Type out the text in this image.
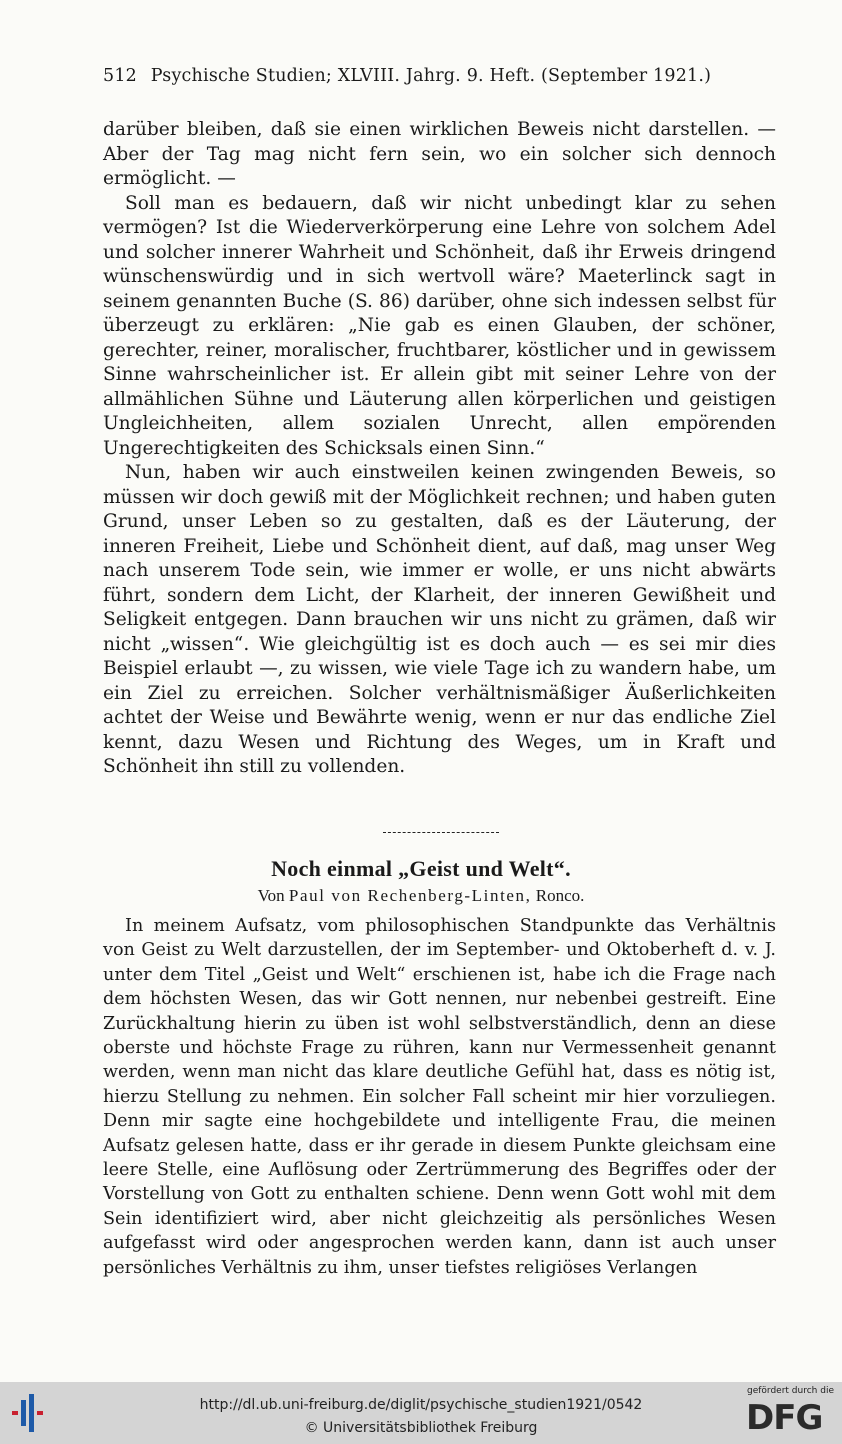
512 Psychische Studien; XLVIII. Jahrg. 9. Heft. (September 1921.)

darüber bleiben, daß sie einen wirklichen Beweis nicht darstellen. — Aber der Tag mag nicht fern sein, wo ein solcher sich dennoch ermöglicht. —

Soll man es bedauern, daß wir nicht unbedingt klar zu sehen vermögen? Ist die Wiederverkörperung eine Lehre von solchem Adel und solcher innerer Wahrheit und Schönheit, daß ihr Erweis dringend wünschenswürdig und in sich wertvoll wäre? Maeterlinck sagt in seinem genannten Buche (S. 86) darüber, ohne sich indessen selbst für überzeugt zu erklären: „Nie gab es einen Glauben, der schöner, gerechter, reiner, moralischer, fruchtbarer, köstlicher und in gewissem Sinne wahrscheinlicher ist. Er allein gibt mit seiner Lehre von der allmählichen Sühne und Läuterung allen körperlichen und geistigen Ungleichheiten, allem sozialen Unrecht, allen empörenden Ungerechtigkeiten des Schicksals einen Sinn.“

Nun, haben wir auch einstweilen keinen zwingenden Beweis, so müssen wir doch gewiß mit der Möglichkeit rechnen; und haben guten Grund, unser Leben so zu gestalten, daß es der Läuterung, der inneren Freiheit, Liebe und Schönheit dient, auf daß, mag unser Weg nach unserem Tode sein, wie immer er wolle, er uns nicht abwärts führt, sondern dem Licht, der Klarheit, der inneren Gewißheit und Seligkeit entgegen. Dann brauchen wir uns nicht zu grämen, daß wir nicht „wissen“. Wie gleichgültig ist es doch auch — es sei mir dies Beispiel erlaubt —, zu wissen, wie viele Tage ich zu wandern habe, um ein Ziel zu erreichen. Solcher verhältnismäßiger Äußerlichkeiten achtet der Weise und Bewährte wenig, wenn er nur das endliche Ziel kennt, dazu Wesen und Richtung des Weges, um in Kraft und Schönheit ihn still zu vollenden.

Noch einmal „Geist und Welt“.
Von Paul von Rechenberg-Linten, Ronco.

In meinem Aufsatz, vom philosophischen Standpunkte das Verhältnis von Geist zu Welt darzustellen, der im September- und Oktoberheft d. v. J. unter dem Titel „Geist und Welt“ erschienen ist, habe ich die Frage nach dem höchsten Wesen, das wir Gott nennen, nur nebenbei gestreift. Eine Zurückhaltung hierin zu üben ist wohl selbstverständlich, denn an diese oberste und höchste Frage zu rühren, kann nur Vermessenheit genannt werden, wenn man nicht das klare deutliche Gefühl hat, dass es nötig ist, hierzu Stellung zu nehmen. Ein solcher Fall scheint mir hier vorzuliegen. Denn mir sagte eine hochgebildete und intelligente Frau, die meinen Aufsatz gelesen hatte, dass er ihr gerade in diesem Punkte gleichsam eine leere Stelle, eine Auflösung oder Zertrümmerung des Begriffes oder der Vorstellung von Gott zu enthalten schiene. Denn wenn Gott wohl mit dem Sein identifiziert wird, aber nicht gleichzeitig als persönliches Wesen aufgefasst wird oder angesprochen werden kann, dann ist auch unser persönliches Verhältnis zu ihm, unser tiefstes religiöses Verlangen

http://dl.ub.uni-freiburg.de/diglit/psychische_studien1921/0542
© Universitätsbibliothek Freiburg
gefördert durch die
DFG
